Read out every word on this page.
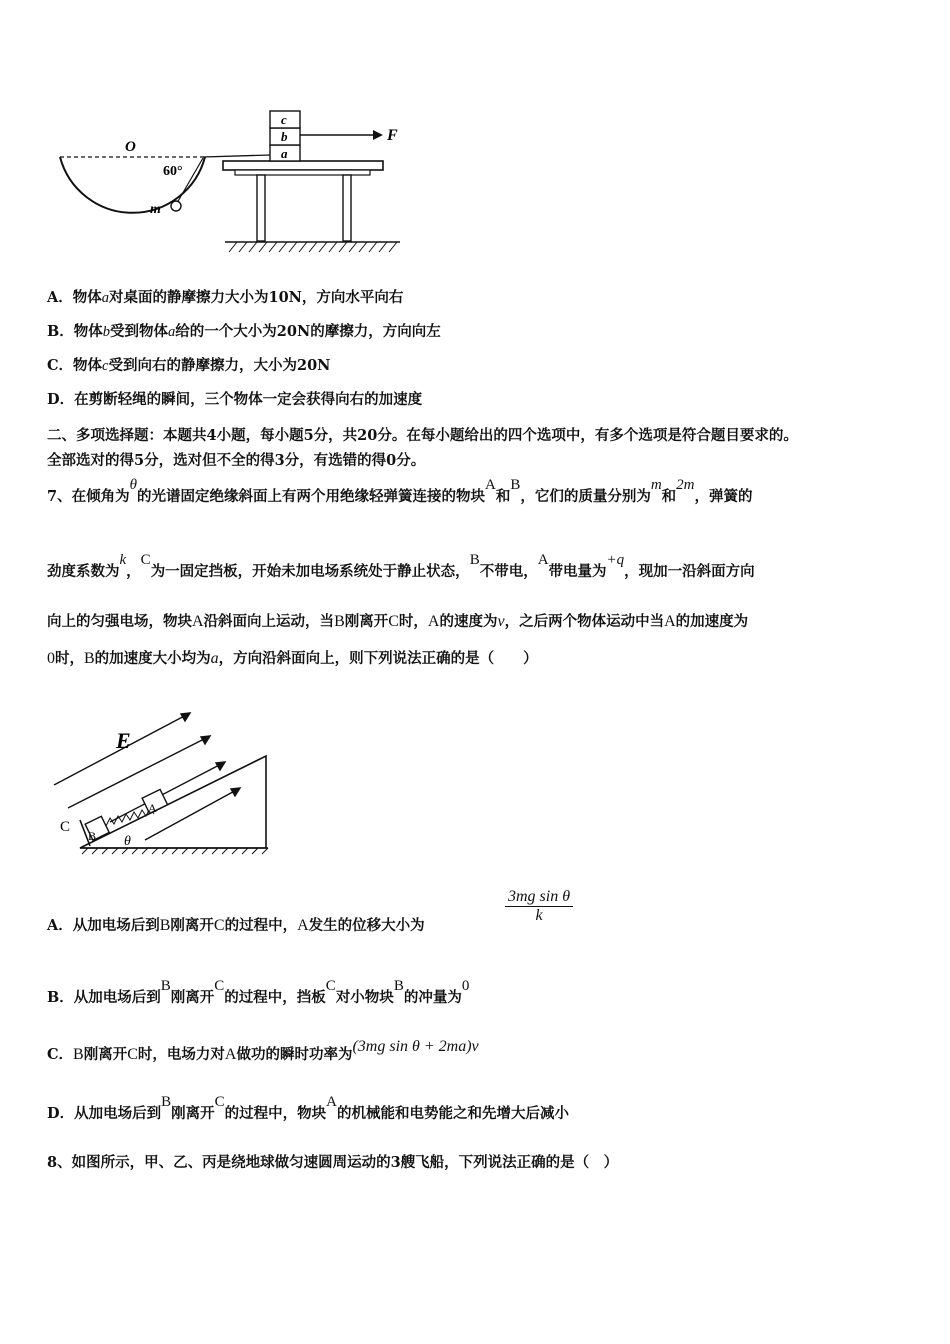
O
60°
m
c
b
a
F
A．物体a对桌面的静摩擦力大小为10N，方向水平向右
B．物体b受到物体a给的一个大小为20N的摩擦力，方向向左
C．物体c受到向右的静摩擦力，大小为20N
D．在剪断轻绳的瞬间，三个物体一定会获得向右的加速度
二、多项选择题：本题共4小题，每小题5分，共20分。在每小题给出的四个选项中，有多个选项是符合题目要求的。
全部选对的得5分，选对但不全的得3分，有选错的得0分。
7、在倾角为θ的光谱固定绝缘斜面上有两个用绝缘轻弹簧连接的物块A和B，它们的质量分别为m和2m，弹簧的
劲度系数为k，C为一固定挡板，开始未加电场系统处于静止状态，B不带电，A带电量为+q，现加一沿斜面方向
向上的匀强电场，物块A沿斜面向上运动，当B刚离开C时，A的速度为v，之后两个物体运动中当A的加速度为
0时，B的加速度大小均为a，方向沿斜面向上，则下列说法正确的是（　　）
E
C
B
A
θ
A．从加电场后到B刚离开C的过程中，A发生的位移大小为
$\frac{\text{3mg sin θ}}{k}$
B．从加电场后到B刚离开C的过程中，挡板C对小物块B的冲量为0
C．B刚离开C时，电场力对A做功的瞬时功率为(3mg sin θ + 2ma)v
D．从加电场后到B刚离开C的过程中，物块A的机械能和电势能之和先增大后减小
8、如图所示，甲、乙、丙是绕地球做匀速圆周运动的3艘飞船，下列说法正确的是（　）
